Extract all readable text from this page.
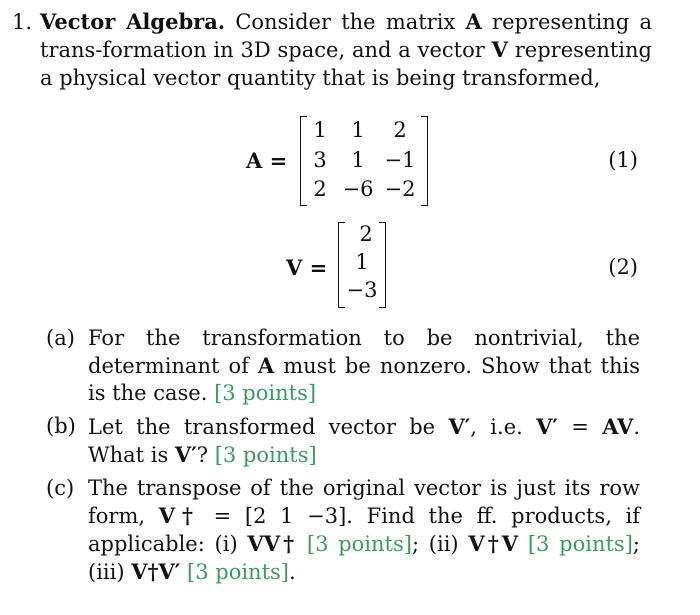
1. Vector Algebra. Consider the matrix A representing a trans-formation in 3D space, and a vector V representing a physical vector quantity that is being transformed,
A =
1	1	2
3	1 −1
2 −6 −2
(1)
V =
2
1
−3
(2)
(a) For the transformation to be nontrivial, the determinant of A must be nonzero. Show that this is the case. [3 points]
(b) Let the transformed vector be V′, i.e. V′ = AV. What is V′? [3 points]
(c) The transpose of the original vector is just its row form, V† = [2 1 −3]. Find the ff. products, if applicable: (i) VV† [3 points]; (ii) V†V [3 points]; (iii) V†V′ [3 points].
